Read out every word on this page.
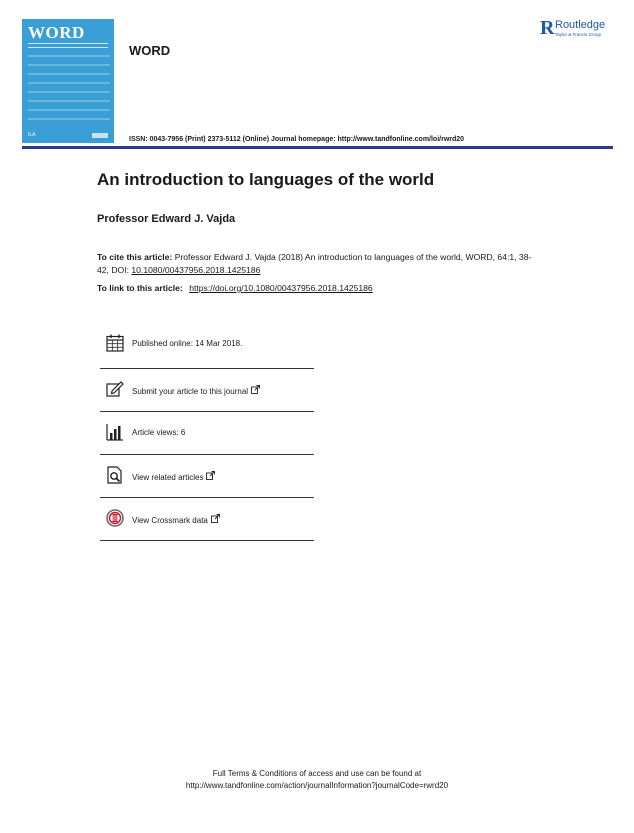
WORD
ILA
WORD
R Routledge
Taylor & Francis Group
ISSN: 0043-7956 (Print) 2373-5112 (Online) Journal homepage: http://www.tandfonline.com/loi/rwrd20
An introduction to languages of the world
Professor Edward J. Vajda
To cite this article: Professor Edward J. Vajda (2018) An introduction to languages of the world, WORD, 64:1, 38-42, DOI: 10.1080/00437956.2018.1425186
To link to this article: https://doi.org/10.1080/00437956.2018.1425186
Published online: 14 Mar 2018.
Submit your article to this journal
Article views: 6
View related articles
View Crossmark data
Full Terms & Conditions of access and use can be found at
http://www.tandfonline.com/action/journalInformation?journalCode=rwrd20
